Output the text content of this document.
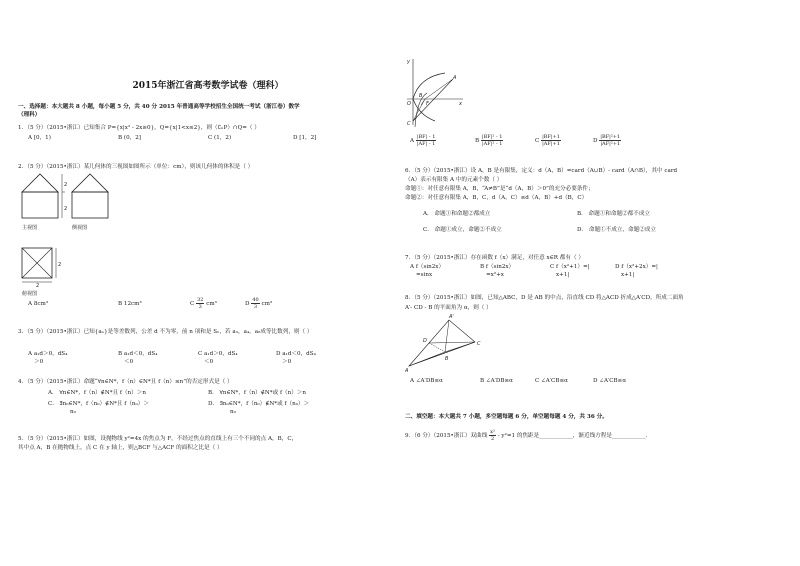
2015年浙江省高考数学试卷（理科）
一、选择题：本大题共 8 小题，每小题 5 分，共 40 分 2015 年普通高等学校招生全国统一考试（浙江卷）数学
（理科）
1．（5 分）（2015•浙江）已知集合 P={x|x² - 2x≥0}，Q={x|1<x≤2}，则（∁ₙP）∩Q=（ ）
A [0，1)	B (0，2]	C (1，2)	D [1，2]
2．（5 分）（2015•浙江）某几何体的三视图如图所示（单位：cm），则该几何体的体积是（ ）
2
2
主视图	侧视图
2
2
俯视图
A 8cm³	B 12cm³	C $\frac{32}{3} cm^3$	D $\frac{40}{3} cm^3$
3．（5 分）（2015•浙江）已知{aₙ}是等差数列，公差 d 不为零，前 n 项和是 Sₙ，若 a₃，a₄，a₈成等比数列，则（ ）
A a₁d＞0，dS₄
＞0
B a₁d＜0，dS₄
＜0
C a₁d＞0，dS₄
＜0
D a₁d＜0，dS₄
＞0
4．（5 分）（2015•浙江）命题“∀n∈N*，f（n）∈N*且 f（n）≤n”的否定形式是（ ）
A． ∀n∈N*，f（n）∉N*且 f（n）＞n	B． ∀n∈N*，f（n）∉N*或 f（n）＞n
C． ∃n₀∈N*，f（n₀）∉N*且 f（n₀）＞
n₀
D． ∃n₀∈N*，f（n₀）∉N*或 f（n₀）＞
n₀
5．（5 分）（2015•浙江）如图，设抛物线 y²=4x 的焦点为 F，不经过焦点的直线上有三个不同的点 A，B，C，
其中点 A，B 在抛物线上，点 C 在 y 轴上，则△BCF 与△ACF 的面积之比是（ ）
y
x
O
A
B
F
C
A $\frac{|BF| - 1}{|AF| - 1}$	B $\frac{\text{|BF|² - 1}}{\text{|AF|² - 1}}$	C $\frac{|BF|+1}{|AF|+1}$	D $\frac{\text{|BF|²+1}}{\text{|AF|²+1}}$
6．（5 分）（2015•浙江）设 A，B 是有限集，定义：d（A，B）=card（A∪B）- card（A∩B），其中 card
（A）表示有限集 A 中的元素个数（ ）
命题①：对任意有限集 A，B，“A≠B”是“d（A，B）＞0”的充分必要条件；
命题②：对任意有限集 A，B，C，d（A，C）≤d（A，B）+d（B，C）
A． 命题①和命题②都成立	B． 命题①和命题②都不成立
C． 命题①成立，命题②不成立	D． 命题①不成立，命题②成立
7．（5 分）（2015•浙江）存在函数 f（x）满足，对任意 x∈R 都有（ ）
A f（sin2x）
=sinx
B f（sin2x）
=x²+x
C f（x²+1）=|
x+1|
D f（x²+2x）=|
x+1|
8．（5 分）（2015•浙江）如图，已知△ABC，D 是 AB 的中点，沿直线 CD 将△ACD 折成△A′CD，所成二面角
A′- CD - B 的平面角为 α，则（ ）
A'
A
B
C
D
A ∠A′DB≤α	B ∠A′DB≥α	C ∠A′CB≤α	D ∠A′CB≥α
二、填空题：本大题共 7 小题，多空题每题 6 分，单空题每题 4 分，共 36 分。
9．（6 分）（2015•浙江）双曲线 $\frac{\text{x²}}{2} - y^2=1$ 的焦距是____________，渐近线方程是____________.
